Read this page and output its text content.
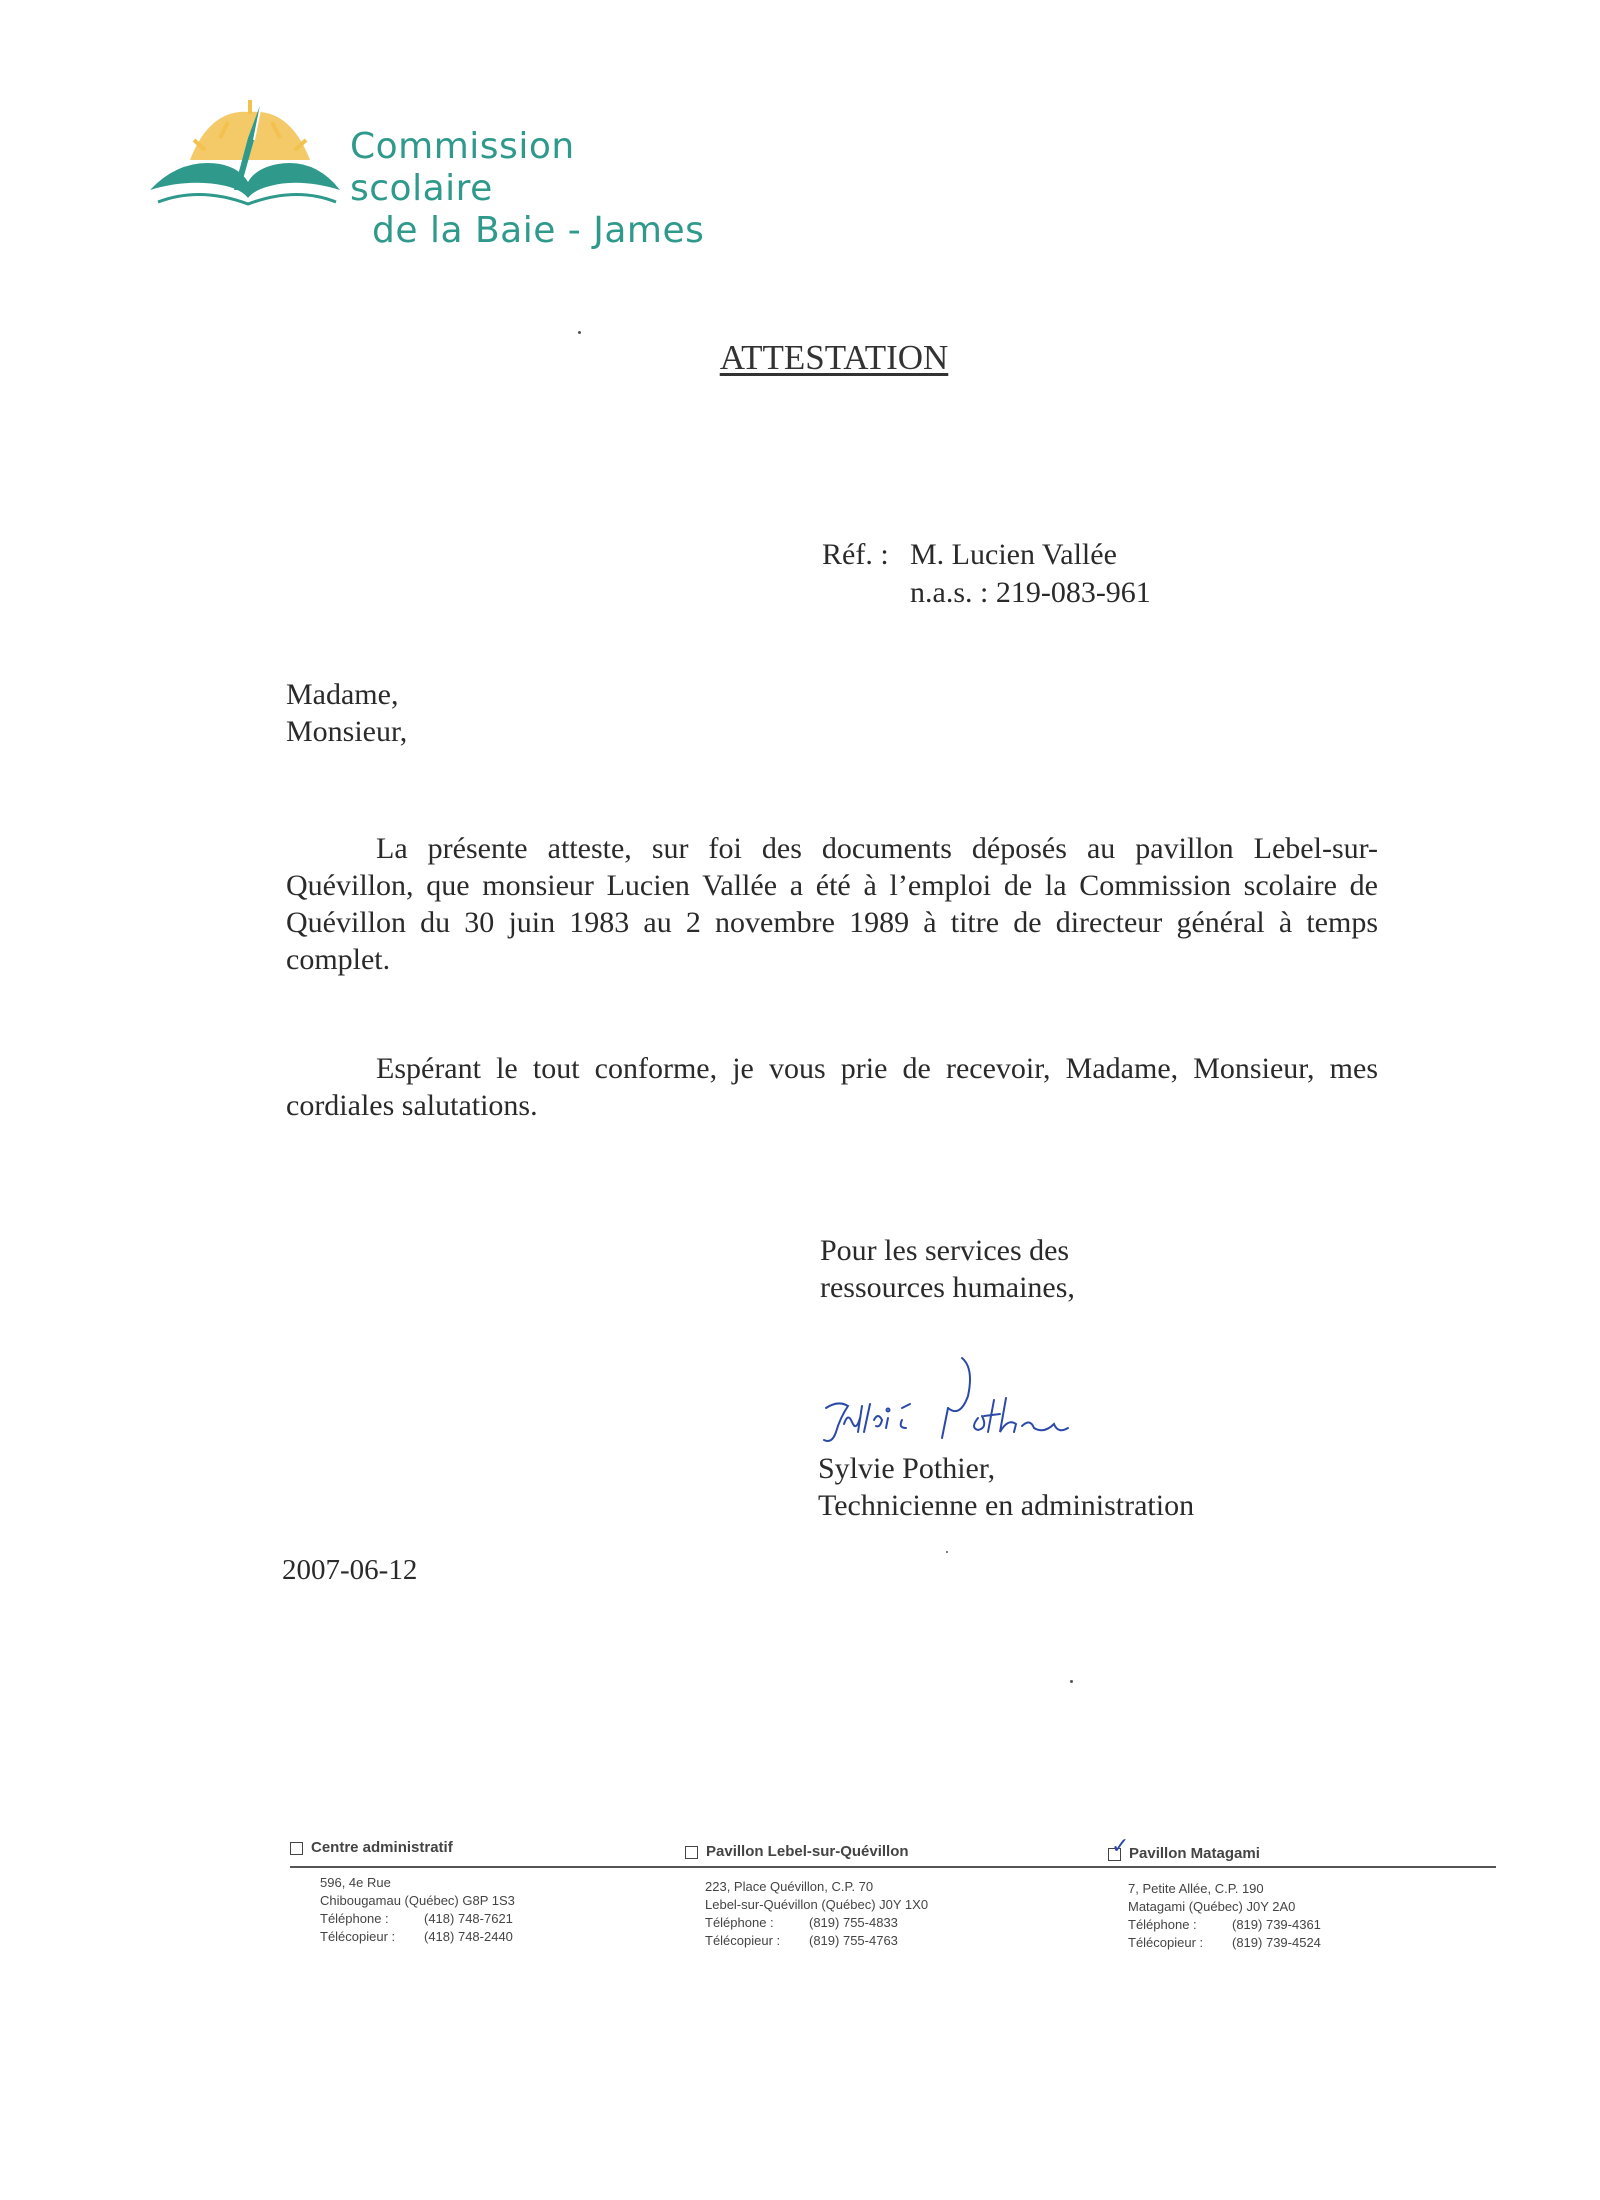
Commission scolaire
de la Baie - James
ATTESTATION
Réf. : M. Lucien Vallée
n.a.s. : 219-083-961
Madame,
Monsieur,
La présente atteste, sur foi des documents déposés au pavillon Lebel-sur-Quévillon, que monsieur Lucien Vallée a été à l’emploi de la Commission scolaire de Quévillon du 30 juin 1983 au 2 novembre 1989 à titre de directeur général à temps complet.
Espérant le tout conforme, je vous prie de recevoir, Madame, Monsieur, mes cordiales salutations.
Pour les services des
ressources humaines,
Sylvie Pothier,
Technicienne en administration
2007-06-12
Centre administratif
596, 4e Rue
Chibougamau (Québec) G8P 1S3
Téléphone :	(418) 748-7621
Télécopieur : (418) 748-2440
Pavillon Lebel-sur-Quévillon
223, Place Quévillon, C.P. 70
Lebel-sur-Quévillon (Québec) J0Y 1X0
Téléphone :	(819) 755-4833
Télécopieur : (819) 755-4763
✓
Pavillon Matagami
7, Petite Allée, C.P. 190
Matagami (Québec) J0Y 2A0
Téléphone :	(819) 739-4361
Télécopieur : (819) 739-4524
